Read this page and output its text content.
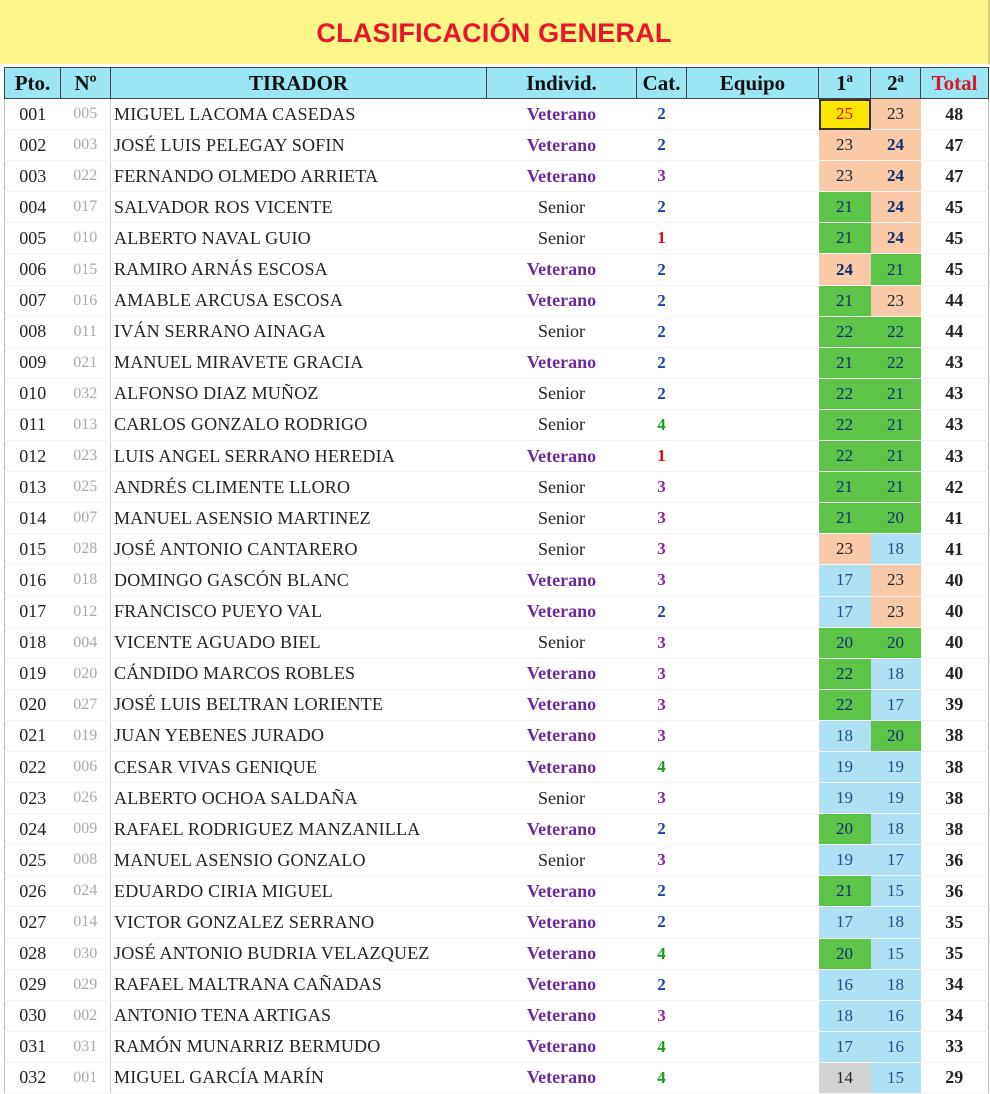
CLASIFICACIÓN GENERAL
Pto.	Nº	TIRADOR	Individ.	Cat.	Equipo	1ª	2ª	Total
001	005	MIGUEL LACOMA CASEDAS	Veterano	2		25	23	48
002	003	JOSÉ LUIS PELEGAY SOFIN	Veterano	2		23	24	47
003	022	FERNANDO OLMEDO ARRIETA	Veterano	3		23	24	47
004	017	SALVADOR ROS VICENTE	Senior	2		21	24	45
005	010	ALBERTO NAVAL GUIO	Senior	1		21	24	45
006	015	RAMIRO ARNÁS ESCOSA	Veterano	2		24	21	45
007	016	AMABLE ARCUSA ESCOSA	Veterano	2		21	23	44
008	011	IVÁN SERRANO AINAGA	Senior	2		22	22	44
009	021	MANUEL MIRAVETE GRACIA	Veterano	2		21	22	43
010	032	ALFONSO DIAZ MUÑOZ	Senior	2		22	21	43
011	013	CARLOS GONZALO RODRIGO	Senior	4		22	21	43
012	023	LUIS ANGEL SERRANO HEREDIA	Veterano	1		22	21	43
013	025	ANDRÉS CLIMENTE LLORO	Senior	3		21	21	42
014	007	MANUEL ASENSIO MARTINEZ	Senior	3		21	20	41
015	028	JOSÉ ANTONIO CANTARERO	Senior	3		23	18	41
016	018	DOMINGO GASCÓN BLANC	Veterano	3		17	23	40
017	012	FRANCISCO PUEYO VAL	Veterano	2		17	23	40
018	004	VICENTE AGUADO BIEL	Senior	3		20	20	40
019	020	CÁNDIDO MARCOS ROBLES	Veterano	3		22	18	40
020	027	JOSÉ LUIS BELTRAN LORIENTE	Veterano	3		22	17	39
021	019	JUAN YEBENES JURADO	Veterano	3		18	20	38
022	006	CESAR VIVAS GENIQUE	Veterano	4		19	19	38
023	026	ALBERTO OCHOA SALDAÑA	Senior	3		19	19	38
024	009	RAFAEL RODRIGUEZ MANZANILLA	Veterano	2		20	18	38
025	008	MANUEL ASENSIO GONZALO	Senior	3		19	17	36
026	024	EDUARDO CIRIA MIGUEL	Veterano	2		21	15	36
027	014	VICTOR GONZALEZ SERRANO	Veterano	2		17	18	35
028	030	JOSÉ ANTONIO BUDRIA VELAZQUEZ	Veterano	4		20	15	35
029	029	RAFAEL MALTRANA CAÑADAS	Veterano	2		16	18	34
030	002	ANTONIO TENA ARTIGAS	Veterano	3		18	16	34
031	031	RAMÓN MUNARRIZ BERMUDO	Veterano	4		17	16	33
032	001	MIGUEL GARCÍA MARÍN	Veterano	4		14	15	29
